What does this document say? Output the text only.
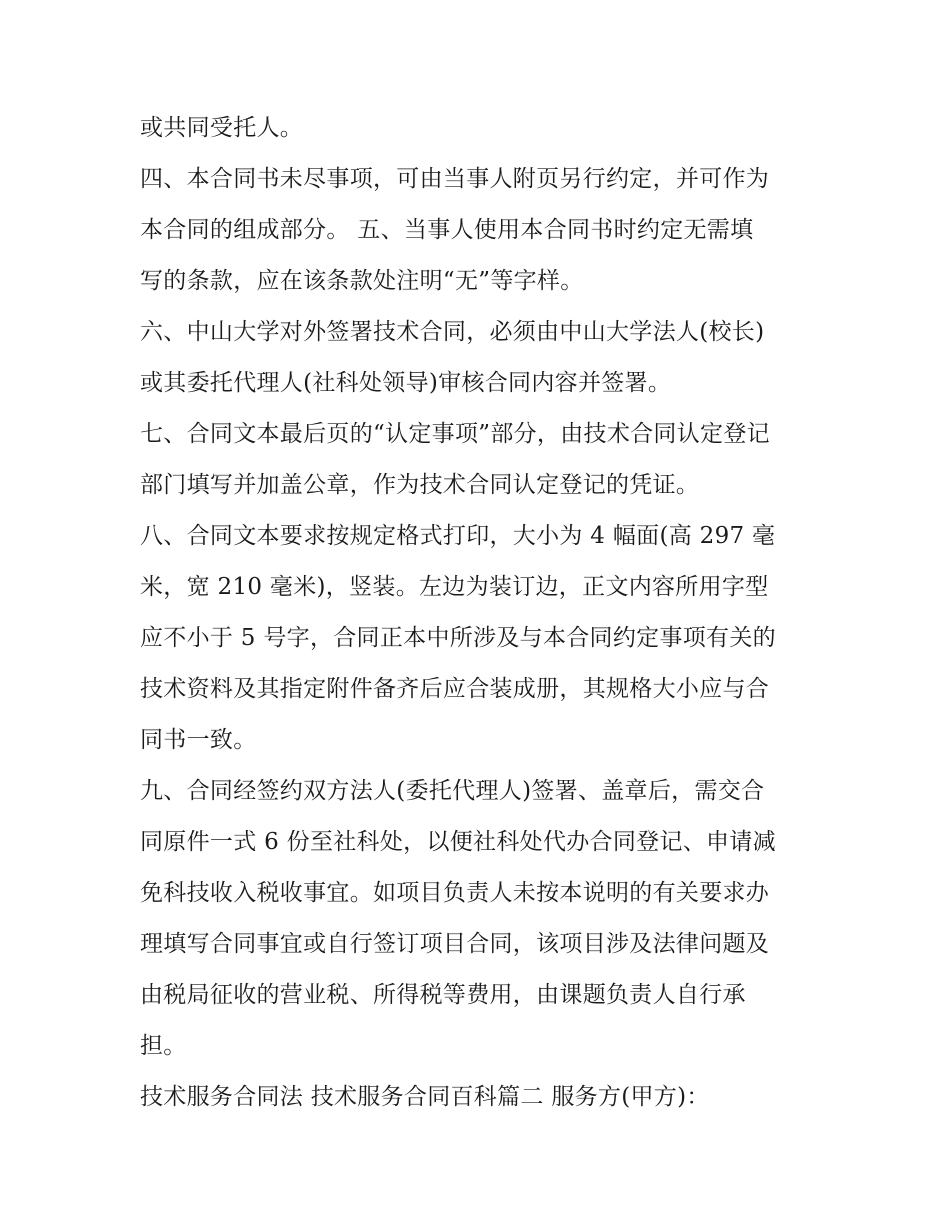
或共同受托人。

四、本合同书未尽事项，可由当事人附页另行约定，并可作为

本合同的组成部分。 五、当事人使用本合同书时约定无需填

写的条款，应在该条款处注明“无”等字样。

六、中山大学对外签署技术合同，必须由中山大学法人(校长)

或其委托代理人(社科处领导)审核合同内容并签署。

七、合同文本最后页的“认定事项”部分，由技术合同认定登记

部门填写并加盖公章，作为技术合同认定登记的凭证。

八、合同文本要求按规定格式打印，大小为 4 幅面(高 297 毫

米，宽 210 毫米)，竖装。左边为装订边，正文内容所用字型

应不小于 5 号字，合同正本中所涉及与本合同约定事项有关的

技术资料及其指定附件备齐后应合装成册，其规格大小应与合

同书一致。

九、合同经签约双方法人(委托代理人)签署、盖章后，需交合

同原件一式 6 份至社科处，以便社科处代办合同登记、申请减

免科技收入税收事宜。如项目负责人未按本说明的有关要求办

理填写合同事宜或自行签订项目合同，该项目涉及法律问题及

由税局征收的营业税、所得税等费用，由课题负责人自行承

担。

技术服务合同法 技术服务合同百科篇二 服务方(甲方)：
